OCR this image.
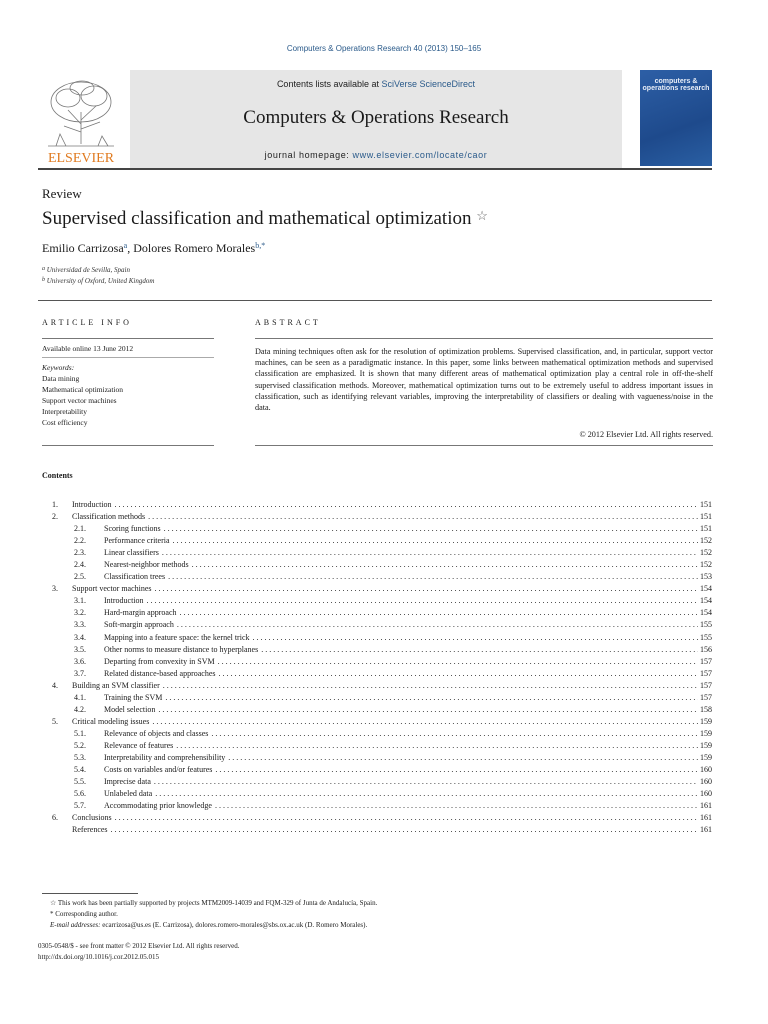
Computers & Operations Research 40 (2013) 150–165
ELSEVIER
Contents lists available at SciVerse ScienceDirect
Computers & Operations Research
journal homepage: www.elsevier.com/locate/caor
computers & operations research
Review
Supervised classification and mathematical optimization ☆
Emilio Carrizosa$^a$, Dolores Romero Morales$^{b,*}$
a Universidad de Sevilla, Spain
b University of Oxford, United Kingdom
ARTICLE INFO	ABSTRACT
Available online 13 June 2012
Keywords:
Data mining
Mathematical optimization
Support vector machines
Interpretability
Cost efficiency
Data mining techniques often ask for the resolution of optimization problems. Supervised classification, and, in particular, support vector machines, can be seen as a paradigmatic instance. In this paper, some links between mathematical optimization methods and supervised classification are emphasized. It is shown that many different areas of mathematical optimization play a central role in off-the-shelf supervised classification methods. Moreover, mathematical optimization turns out to be extremely useful to address important issues in classification, such as identifying relevant variables, improving the interpretability of classifiers or dealing with vagueness/noise in the data.
© 2012 Elsevier Ltd. All rights reserved.
Contents
1. Introduction . . .	151
2. Classification methods . . .	151
2.1.	Scoring functions . . .	151
2.2.	Performance criteria . . .	152
2.3.	Linear classifiers . . .	152
2.4.	Nearest-neighbor methods . . .	152
2.5.	Classification trees . . .	153
3. Support vector machines . . .	154
3.1.	Introduction . . .	154
3.2.	Hard-margin approach . . .	154
3.3.	Soft-margin approach . . .	155
3.4.	Mapping into a feature space: the kernel trick . . .	155
3.5.	Other norms to measure distance to hyperplanes . . .	156
3.6.	Departing from convexity in SVM . . .	157
3.7.	Related distance-based approaches . . .	157
4. Building an SVM classifier . . .	157
4.1.	Training the SVM . . .	157
4.2.	Model selection . . .	158
5. Critical modeling issues . . .	159
5.1.	Relevance of objects and classes . . .	159
5.2.	Relevance of features . . .	159
5.3.	Interpretability and comprehensibility . . .	159
5.4.	Costs on variables and/or features . . .	160
5.5.	Imprecise data . . .	160
5.6.	Unlabeled data . . .	160
5.7.	Accommodating prior knowledge . . .	161
6. Conclusions . . .	161
References . . .	161
☆ This work has been partially supported by projects MTM2009-14039 and FQM-329 of Junta de Andalucía, Spain.
* Corresponding author.
E-mail addresses: ecarrizosa@us.es (E. Carrizosa), dolores.romero-morales@sbs.ox.ac.uk (D. Romero Morales).
0305-0548/$ - see front matter © 2012 Elsevier Ltd. All rights reserved.
http://dx.doi.org/10.1016/j.cor.2012.05.015
